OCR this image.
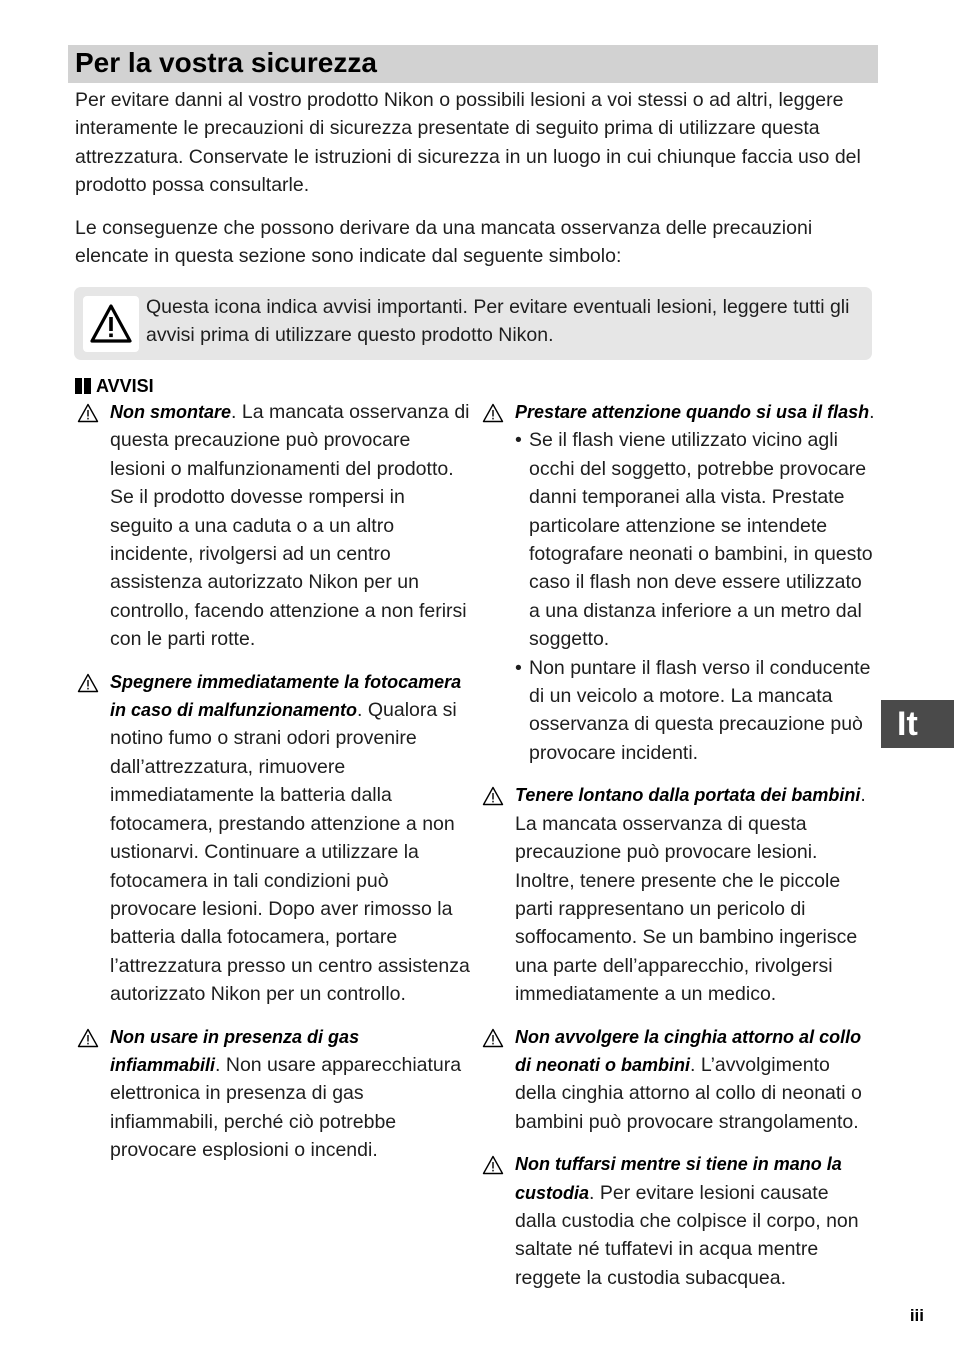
Per la vostra sicurezza

Per evitare danni al vostro prodotto Nikon o possibili lesioni a voi stessi o ad altri, leggere interamente le precauzioni di sicurezza presentate di seguito prima di utilizzare questa attrezzatura. Conservate le istruzioni di sicurezza in un luogo in cui chiunque faccia uso del prodotto possa consultarle.

Le conseguenze che possono derivare da una mancata osservanza delle precauzioni elencate in questa sezione sono indicate dal seguente simbolo:

Questa icona indica avvisi importanti. Per evitare eventuali lesioni, leggere tutti gli avvisi prima di utilizzare questo prodotto Nikon.

AVVISI

Non smontare. La mancata osservanza di questa precauzione può provocare lesioni o malfunzionamenti del prodotto. Se il prodotto dovesse rompersi in seguito a una caduta o a un altro incidente, rivolgersi ad un centro assistenza autorizzato Nikon per un controllo, facendo attenzione a non ferirsi con le parti rotte.

Spegnere immediatamente la fotocamera in caso di malfunzionamento. Qualora si notino fumo o strani odori provenire dall’attrezzatura, rimuovere immediatamente la batteria dalla fotocamera, prestando attenzione a non ustionarvi. Continuare a utilizzare la fotocamera in tali condizioni può provocare lesioni. Dopo aver rimosso la batteria dalla fotocamera, portare l’attrezzatura presso un centro assistenza autorizzato Nikon per un controllo.

Non usare in presenza di gas infiammabili. Non usare apparecchiatura elettronica in presenza di gas infiammabili, perché ciò potrebbe provocare esplosioni o incendi.

Prestare attenzione quando si usa il flash.

• Se il flash viene utilizzato vicino agli occhi del soggetto, potrebbe provocare danni temporanei alla vista. Prestate particolare attenzione se intendete fotografare neonati o bambini, in questo caso il flash non deve essere utilizzato a una distanza inferiore a un metro dal soggetto.
• Non puntare il flash verso il conducente di un veicolo a motore. La mancata osservanza di questa precauzione può provocare incidenti.

Tenere lontano dalla portata dei bambini. La mancata osservanza di questa precauzione può provocare lesioni. Inoltre, tenere presente che le piccole parti rappresentano un pericolo di soffocamento. Se un bambino ingerisce una parte dell’apparecchio, rivolgersi immediatamente a un medico.

Non avvolgere la cinghia attorno al collo di neonati o bambini. L’avvolgimento della cinghia attorno al collo di neonati o bambini può provocare strangolamento.

Non tuffarsi mentre si tiene in mano la custodia. Per evitare lesioni causate dalla custodia che colpisce il corpo, non saltate né tuffatevi in acqua mentre reggete la custodia subacquea.

It
iii
